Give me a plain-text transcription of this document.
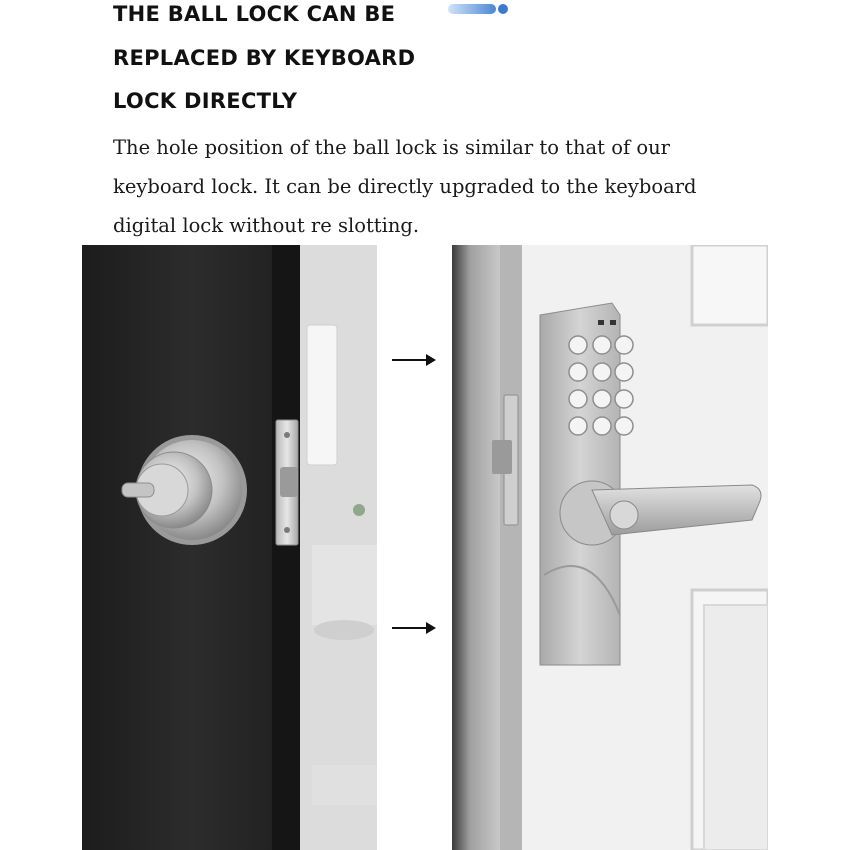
THE BALL LOCK CAN BE
REPLACED BY KEYBOARD
LOCK DIRECTLY
The hole position of the ball lock is similar to that of our
keyboard lock. It can be directly upgraded to the keyboard
digital lock without re slotting.
